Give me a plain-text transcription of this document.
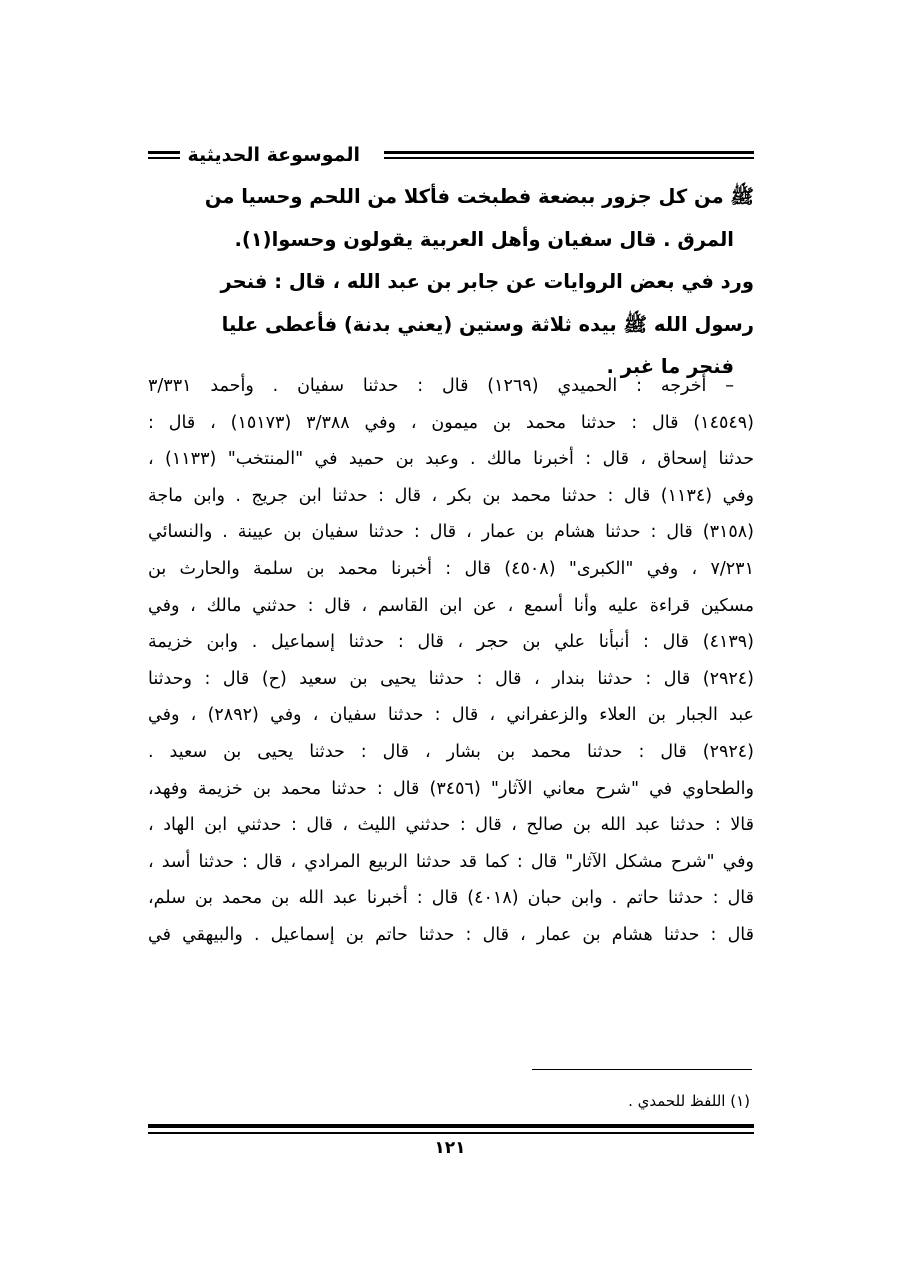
الموسوعة الحديثية
ﷺ من كل جزور ببضعة فطبخت فأكلا من اللحم وحسيا من
المرق . قال سفيان وأهل العربية يقولون وحسوا(١).
ورد في بعض الروايات عن جابر بن عبد الله ، قال : فنحر
رسول الله ﷺ بيده ثلاثة وستين (يعني بدنة) فأعطى عليا
فنحر ما غبر .
– أخرجه : الحميدي (١٢٦٩) قال : حدثنا سفيان . وأحمد ٣/٣٣١
(١٤٥٤٩) قال : حدثنا محمد بن ميمون ، وفي ٣/٣٨٨ (١٥١٧٣) ، قال :
حدثنا إسحاق ، قال : أخبرنا مالك . وعبد بن حميد في "المنتخب" (١١٣٣) ،
وفي (١١٣٤) قال : حدثنا محمد بن بكر ، قال : حدثنا ابن جريج . وابن ماجة
(٣١٥٨) قال : حدثنا هشام بن عمار ، قال : حدثنا سفيان بن عيينة . والنسائي
٧/٢٣١ ، وفي "الكبرى" (٤٥٠٨) قال : أخبرنا محمد بن سلمة والحارث بن
مسكين قراءة عليه وأنا أسمع ، عن ابن القاسم ، قال : حدثني مالك ، وفي
(٤١٣٩) قال : أنبأنا علي بن حجر ، قال : حدثنا إسماعيل . وابن خزيمة
(٢٩٢٤) قال : حدثنا بندار ، قال : حدثنا يحيى بن سعيد (ح) قال : وحدثنا
عبد الجبار بن العلاء والزعفراني ، قال : حدثنا سفيان ، وفي (٢٨٩٢) ، وفي
(٢٩٢٤) قال : حدثنا محمد بن بشار ، قال : حدثنا يحيى بن سعيد .
والطحاوي في "شرح معاني الآثار" (٣٤٥٦) قال : حدثنا محمد بن خزيمة وفهد،
قالا : حدثنا عبد الله بن صالح ، قال : حدثني الليث ، قال : حدثني ابن الهاد ،
وفي "شرح مشكل الآثار" قال : كما قد حدثنا الربيع المرادي ، قال : حدثنا أسد ،
قال : حدثنا حاتم . وابن حبان (٤٠١٨) قال : أخبرنا عبد الله بن محمد بن سلم،
قال : حدثنا هشام بن عمار ، قال : حدثنا حاتم بن إسماعيل . والبيهقي في
(١) اللفظ للحمدي .
١٢١
